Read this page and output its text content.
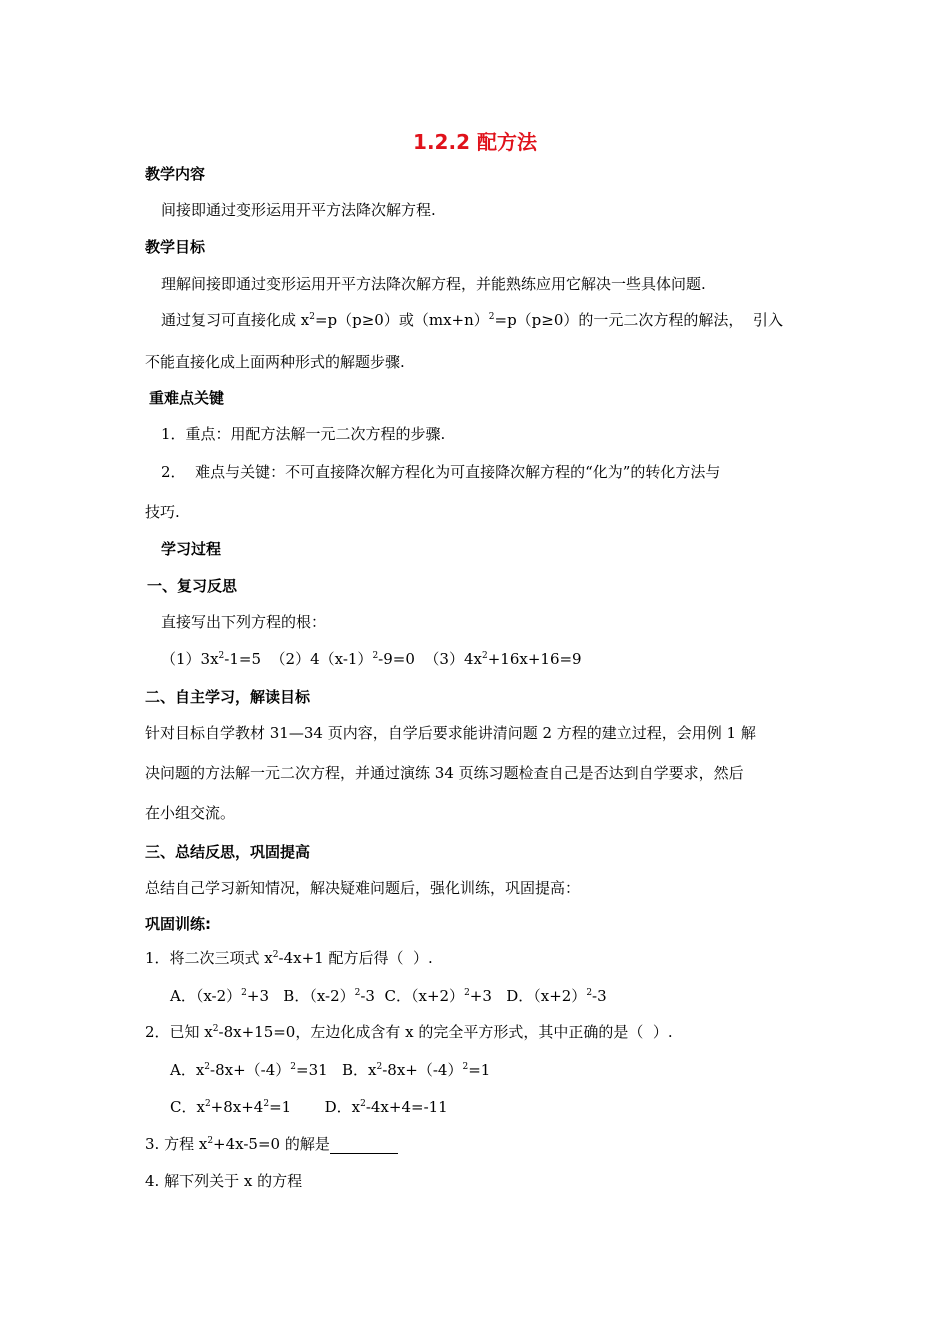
1.2.2 配方法
教学内容
间接即通过变形运用开平方法降次解方程.
教学目标
理解间接即通过变形运用开平方法降次解方程，并能熟练应用它解决一些具体问题.
通过复习可直接化成 $x^2=p(p\ge 0)$或$(mx+n)^2=p(p\ge 0)$的一元二次方程的解法，  引入
不能直接化成上面两种形式的解题步骤.
重难点关键
1．重点：用配方法解一元二次方程的步骤.
2．  难点与关键：不可直接降次解方程化为可直接降次解方程的“化为”的转化方法与
技巧.
学习过程
一、复习反思
直接写出下列方程的根：
$(1)3x^2-1=5$  $(2)4(x-1)^2-9=0$  $(3)4x^2+16x+16=9$
二、自主学习，解读目标
针对目标自学教材 31—34 页内容，自学后要求能讲清问题 2 方程的建立过程，会用例 1 解
决问题的方法解一元二次方程，并通过演练 34 页练习题检查自己是否达到自学要求，然后
在小组交流。
三、总结反思，巩固提高
总结自己学习新知情况，解决疑难问题后，强化训练，巩固提高：
巩固训练:
1．将二次三项式 $x^2-4x+1$ 配方后得（  ）.
A．$(x-2)^2+3$   B．$(x-2)^2-3$  C．$(x+2)^2+3$   D．$(x+2)^2-3$
2．已知 $x^2-8x+15=0$，左边化成含有 x 的完全平方形式，其中正确的是（  ）.
A．$x^2-8x+(-4)^2=31$   B．$x^2-8x+(-4)^2=1$
C．$x^2+8x+4^2=1$       D．$x^2-4x+4=-11$
3. 方程 $x^2+4x-5=0$ 的解是
4. 解下列关于 x 的方程
